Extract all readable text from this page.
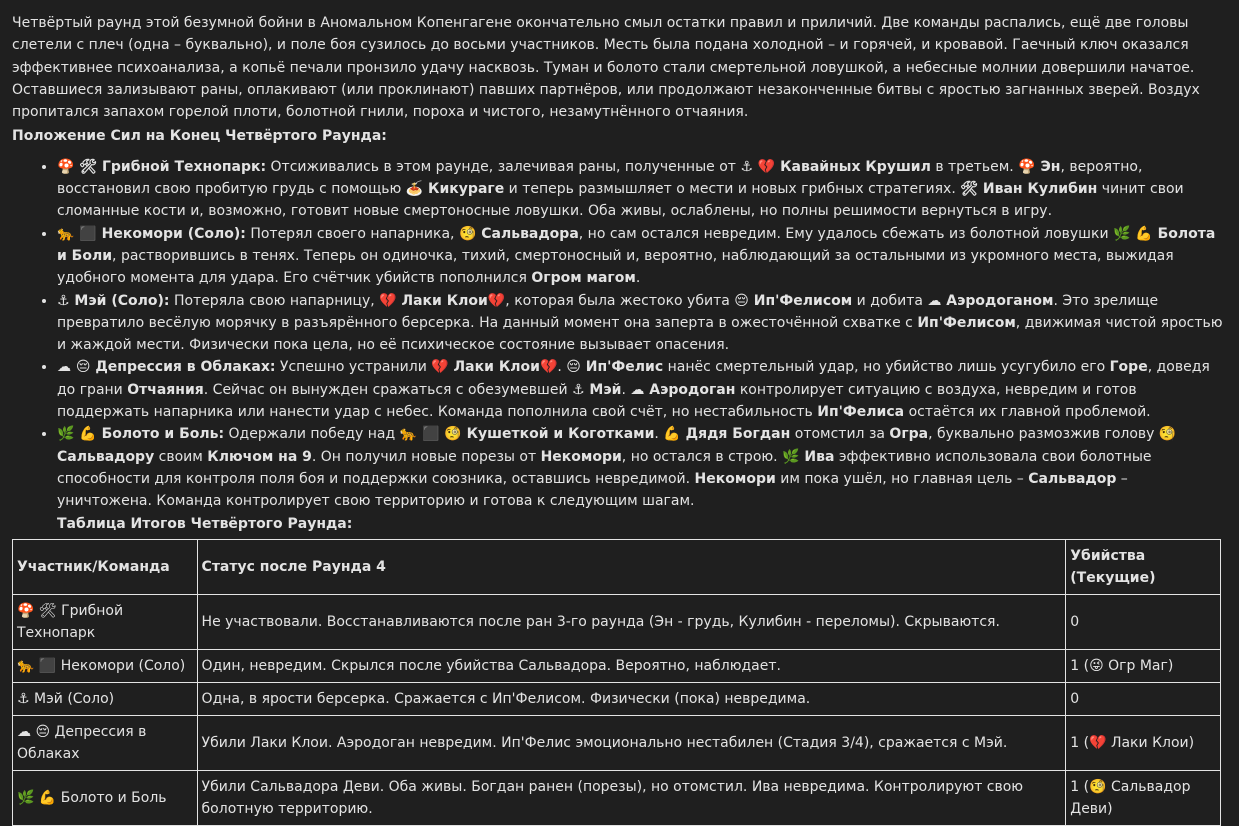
Четвёртый раунд этой безумной бойни в Аномальном Копенгагене окончательно смыл остатки правил и приличий. Две команды распались, ещё две головы слетели с плеч (одна – буквально), и поле боя сузилось до восьми участников. Месть была подана холодной – и горячей, и кровавой. Гаечный ключ оказался эффективнее психоанализа, а копьё печали пронзило удачу насквозь. Туман и болото стали смертельной ловушкой, а небесные молнии довершили начатое. Оставшиеся зализывают раны, оплакивают (или проклинают) павших партнёров, или продолжают незаконченные битвы с яростью загнанных зверей. Воздух пропитался запахом горелой плоти, болотной гнили, пороха и чистого, незамутнённого отчаяния.

Положение Сил на Конец Четвёртого Раунда:

• 🍄 🛠 Грибной Технопарк: Отсиживались в этом раунде, залечивая раны, полученные от ⚓ 💔 Кавайных Крушил в третьем. 🍄 Эн, вероятно, восстановил свою пробитую грудь с помощью 🍝 Кикураге и теперь размышляет о мести и новых грибных стратегиях. 🛠 Иван Кулибин чинит свои сломанные кости и, возможно, готовит новые смертоносные ловушки. Оба живы, ослаблены, но полны решимости вернуться в игру.
• 🐆 ⬛ Некомори (Соло): Потерял своего напарника, 🧐 Сальвадора, но сам остался невредим. Ему удалось сбежать из болотной ловушки 🌿 💪 Болота и Боли, растворившись в тенях. Теперь он одиночка, тихий, смертоносный и, вероятно, наблюдающий за остальными из укромного места, выжидая удобного момента для удара. Его счётчик убийств пополнился Огром магом.
• ⚓ Мэй (Соло): Потеряла свою напарницу, 💔 Лаки Клои💔, которая была жестоко убита 😔 Ип'Фелисом и добита ☁ Аэродоганом. Это зрелище превратило весёлую морячку в разъярённого берсерка. На данный момент она заперта в ожесточённой схватке с Ип'Фелисом, движимая чистой яростью и жаждой мести. Физически пока цела, но её психическое состояние вызывает опасения.
• ☁ 😔 Депрессия в Облаках: Успешно устранили 💔 Лаки Клои💔. 😔 Ип'Фелис нанёс смертельный удар, но убийство лишь усугубило его Горе, доведя до грани Отчаяния. Сейчас он вынужден сражаться с обезумевшей ⚓ Мэй. ☁ Аэродоган контролирует ситуацию с воздуха, невредим и готов поддержать напарника или нанести удар с небес. Команда пополнила свой счёт, но нестабильность Ип'Фелиса остаётся их главной проблемой.
• 🌿 💪 Болото и Боль: Одержали победу над 🐆 ⬛ 🧐 Кушеткой и Коготками. 💪 Дядя Богдан отомстил за Огра, буквально размозжив голову 🧐 Сальвадору своим Ключом на 9. Он получил новые порезы от Некомори, но остался в строю. 🌿 Ива эффективно использовала свои болотные способности для контроля поля боя и поддержки союзника, оставшись невредимой. Некомори им пока ушёл, но главная цель – Сальвадор – уничтожена. Команда контролирует свою территорию и готова к следующим шагам.

Таблица Итогов Четвёртого Раунда:

Участник/Команда	Статус после Раунда 4	Убийства (Текущие)
🍄 🛠 Грибной Технопарк	Не участвовали. Восстанавливаются после ран 3-го раунда (Эн - грудь, Кулибин - переломы). Скрываются.	0
🐆 ⬛ Некомори (Соло)	Один, невредим. Скрылся после убийства Сальвадора. Вероятно, наблюдает.	1 (😜 Огр Маг)
⚓ Мэй (Соло)	Одна, в ярости берсерка. Сражается с Ип'Фелисом. Физически (пока) невредима.	0
☁ 😔 Депрессия в Облаках	Убили Лаки Клои. Аэродоган невредим. Ип'Фелис эмоционально нестабилен (Стадия 3/4), сражается с Мэй.	1 (💔 Лаки Клои)
🌿 💪 Болото и Боль	Убили Сальвадора Деви. Оба живы. Богдан ранен (порезы), но отомстил. Ива невредима. Контролируют свою болотную территорию.	1 (🧐 Сальвадор Деви)
